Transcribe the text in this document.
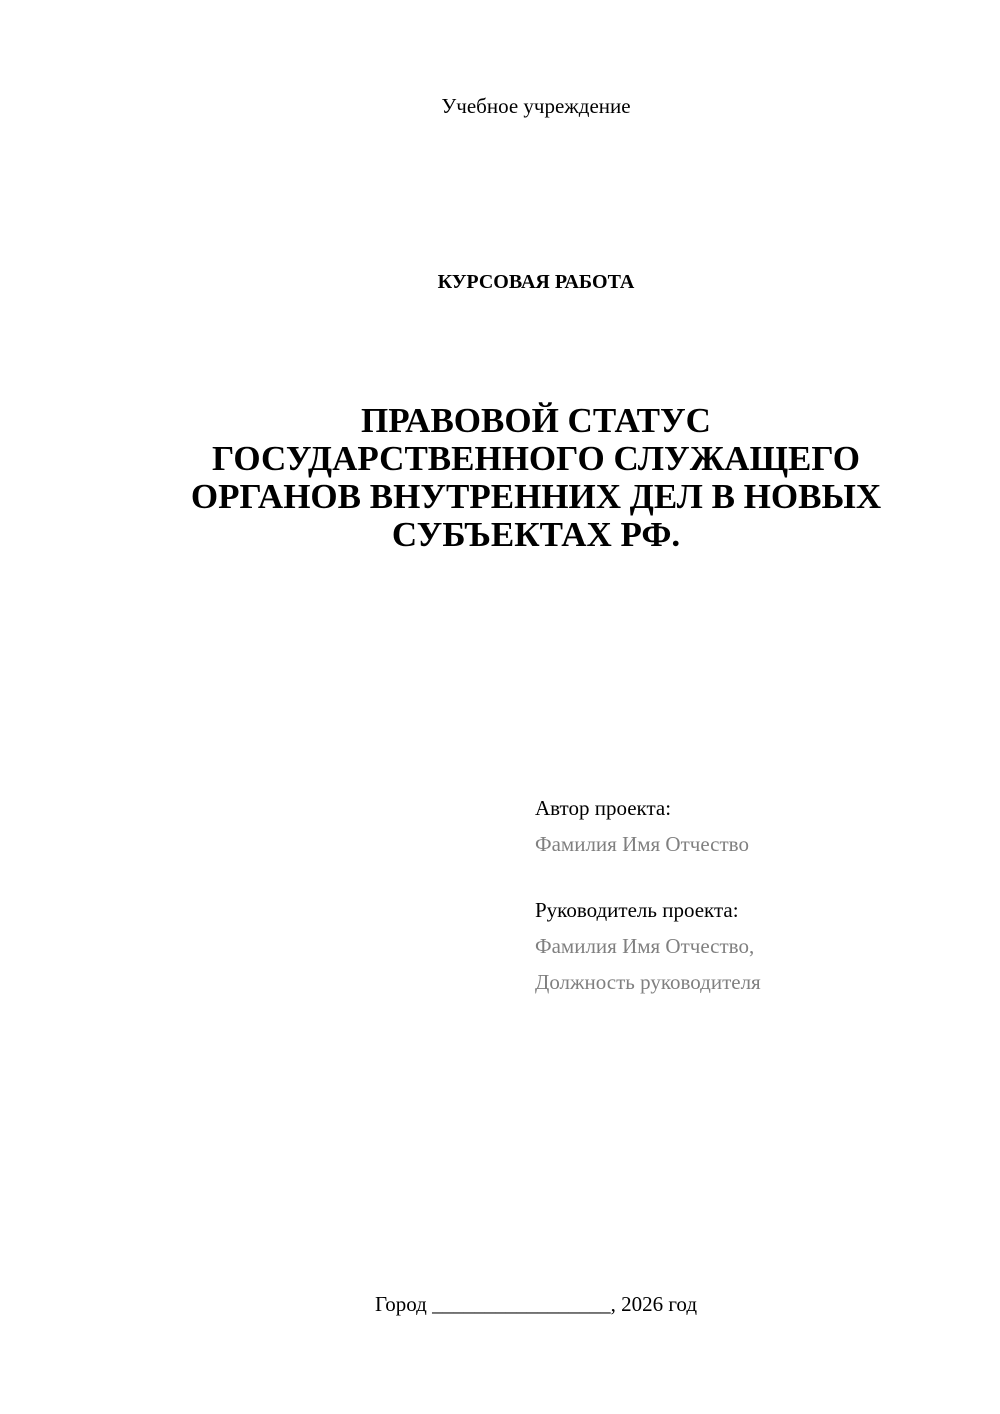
Учебное учреждение
КУРСОВАЯ РАБОТА
ПРАВОВОЙ СТАТУС
ГОСУДАРСТВЕННОГО СЛУЖАЩЕГО
ОРГАНОВ ВНУТРЕННИХ ДЕЛ В НОВЫХ
СУБЪЕКТАХ РФ.
Автор проекта:
Фамилия Имя Отчество
Руководитель проекта:
Фамилия Имя Отчество,
Должность руководителя
Город _________________, 2026 год
